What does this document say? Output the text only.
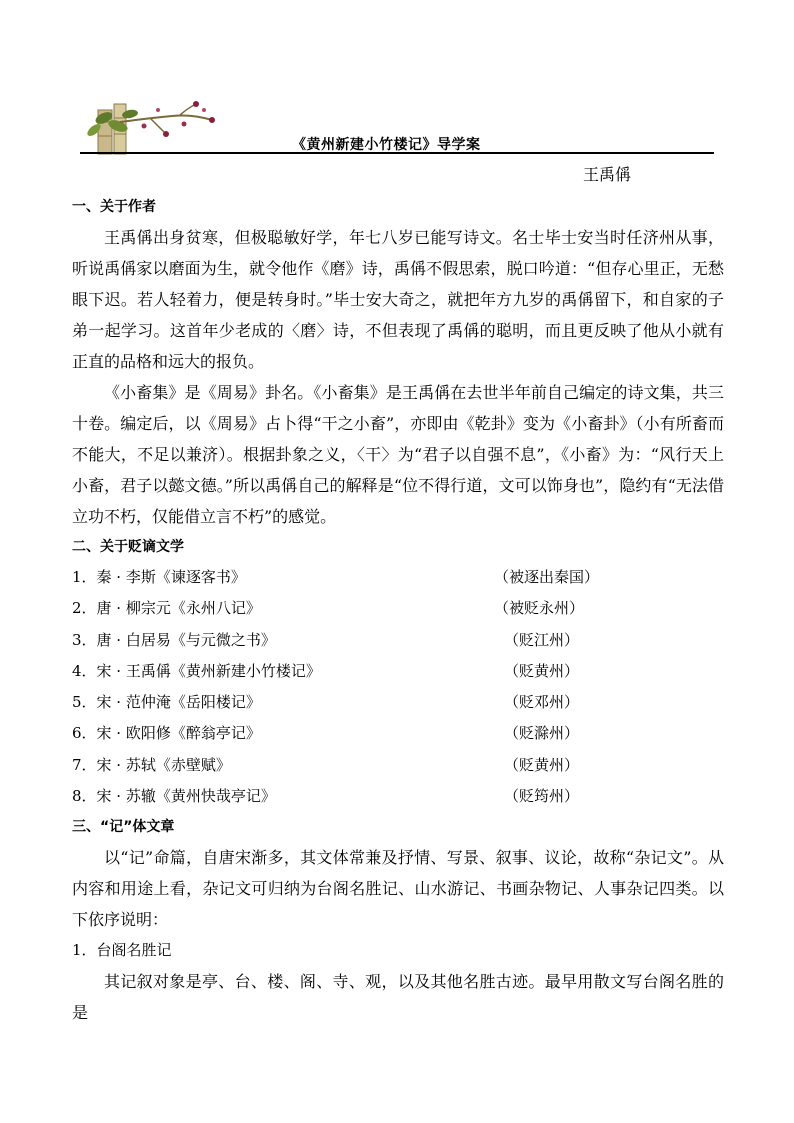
《黄州新建小竹楼记》导学案
王禹偁
一、关于作者

王禹偁出身贫寒，但极聪敏好学，年七八岁已能写诗文。名士毕士安当时任济州从事，听说禹偁家以磨面为生，就令他作《磨》诗，禹偁不假思索，脱口吟道：“但存心里正，无愁眼下迟。若人轻着力，便是转身时。”毕士安大奇之，就把年方九岁的禹偁留下，和自家的子弟一起学习。这首年少老成的〈磨〉诗，不但表现了禹偁的聪明，而且更反映了他从小就有正直的品格和远大的报负。

《小畜集》是《周易》卦名。《小畜集》是王禹偁在去世半年前自己编定的诗文集，共三十卷。编定后，以《周易》占卜得“干之小畜”，亦即由《乾卦》变为《小畜卦》（小有所畜而不能大，不足以兼济）。根据卦象之义，〈干〉为“君子以自强不息”，《小畜》为：“风行天上小畜，君子以懿文德。”所以禹偁自己的解释是“位不得行道，文可以饰身也”，隐约有“无法借立功不朽，仅能借立言不朽”的感觉。

二、关于贬谪文学
1．秦 · 李斯《谏逐客书》	（被逐出秦国）
2．唐 · 柳宗元《永州八记》	（被贬永州）
3．唐 · 白居易《与元微之书》	（贬江州）
4．宋 · 王禹偁《黄州新建小竹楼记》	（贬黄州）
5．宋 · 范仲淹《岳阳楼记》	（贬邓州）
6．宋 · 欧阳修《醉翁亭记》	（贬滁州）
7．宋 · 苏轼《赤壁赋》	（贬黄州）
8．宋 · 苏辙《黄州快哉亭记》	（贬筠州）
三、“记”体文章

以“记”命篇，自唐宋渐多，其文体常兼及抒情、写景、叙事、议论，故称“杂记文”。从内容和用途上看，杂记文可归纳为台阁名胜记、山水游记、书画杂物记、人事杂记四类。以下依序说明：

1．台阁名胜记

其记叙对象是亭、台、楼、阁、寺、观，以及其他名胜古迹。最早用散文写台阁名胜的是
